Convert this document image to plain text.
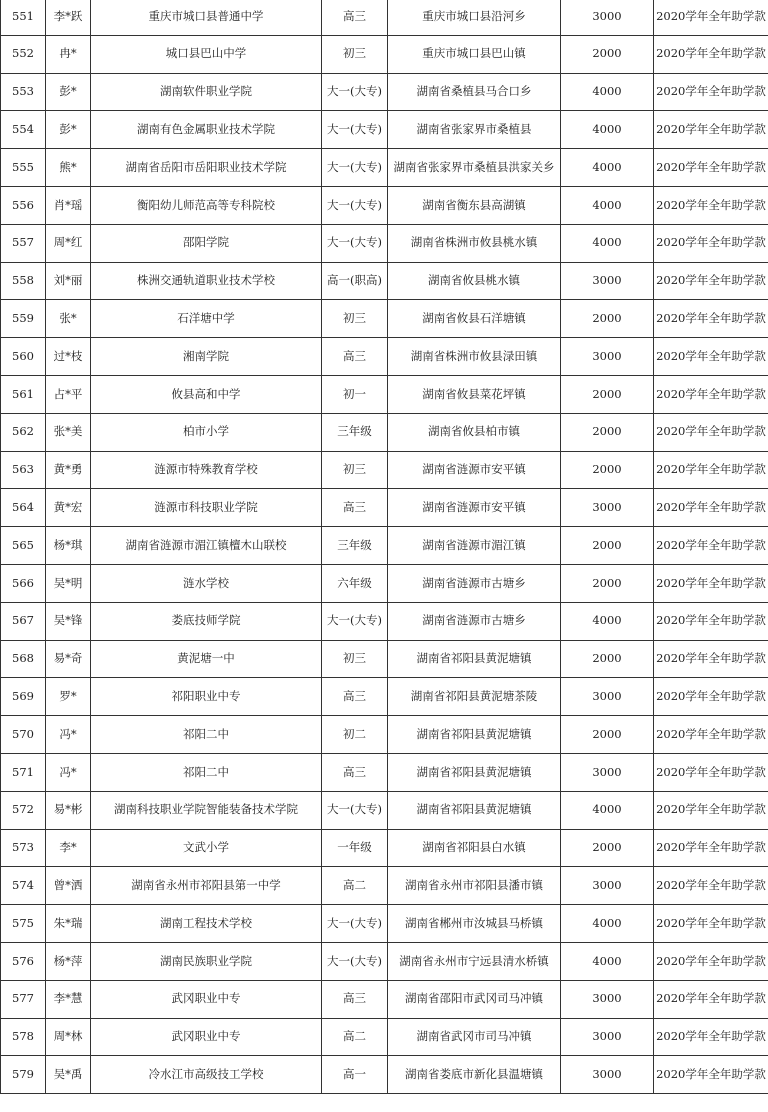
551	李*跃	重庆市城口县普通中学	高三	重庆市城口县沿河乡	3000	2020学年全年助学款
552	冉*	城口县巴山中学	初三	重庆市城口县巴山镇	2000	2020学年全年助学款
553	彭*	湖南软件职业学院	大一(大专)	湖南省桑植县马合口乡	4000	2020学年全年助学款
554	彭*	湖南有色金属职业技术学院	大一(大专)	湖南省张家界市桑植县	4000	2020学年全年助学款
555	熊*	湖南省岳阳市岳阳职业技术学院	大一(大专)	湖南省张家界市桑植县洪家关乡	4000	2020学年全年助学款
556	肖*瑶	衡阳幼儿师范高等专科院校	大一(大专)	湖南省衡东县高湖镇	4000	2020学年全年助学款
557	周*红	邵阳学院	大一(大专)	湖南省株洲市攸县桃水镇	4000	2020学年全年助学款
558	刘*丽	株洲交通轨道职业技术学校	高一(职高)	湖南省攸县桃水镇	3000	2020学年全年助学款
559	张*	石洋塘中学	初三	湖南省攸县石洋塘镇	2000	2020学年全年助学款
560	过*枝	湘南学院	高三	湖南省株洲市攸县渌田镇	3000	2020学年全年助学款
561	占*平	攸县高和中学	初一	湖南省攸县菜花坪镇	2000	2020学年全年助学款
562	张*美	柏市小学	三年级	湖南省攸县柏市镇	2000	2020学年全年助学款
563	黄*勇	涟源市特殊教育学校	初三	湖南省涟源市安平镇	2000	2020学年全年助学款
564	黄*宏	涟源市科技职业学院	高三	湖南省涟源市安平镇	3000	2020学年全年助学款
565	杨*琪	湖南省涟源市湄江镇檀木山联校	三年级	湖南省涟源市湄江镇	2000	2020学年全年助学款
566	吴*明	涟水学校	六年级	湖南省涟源市古塘乡	2000	2020学年全年助学款
567	吴*锋	娄底技师学院	大一(大专)	湖南省涟源市古塘乡	4000	2020学年全年助学款
568	易*奇	黄泥塘一中	初三	湖南省祁阳县黄泥塘镇	2000	2020学年全年助学款
569	罗*	祁阳职业中专	高三	湖南省祁阳县黄泥塘茶陵	3000	2020学年全年助学款
570	冯*	祁阳二中	初二	湖南省祁阳县黄泥塘镇	2000	2020学年全年助学款
571	冯*	祁阳二中	高三	湖南省祁阳县黄泥塘镇	3000	2020学年全年助学款
572	易*彬	湖南科技职业学院智能装备技术学院	大一(大专)	湖南省祁阳县黄泥塘镇	4000	2020学年全年助学款
573	李*	文武小学	一年级	湖南省祁阳县白水镇	2000	2020学年全年助学款
574	曾*洒	湖南省永州市祁阳县第一中学	高二	湖南省永州市祁阳县潘市镇	3000	2020学年全年助学款
575	朱*瑞	湖南工程技术学校	大一(大专)	湖南省郴州市汝城县马桥镇	4000	2020学年全年助学款
576	杨*萍	湖南民族职业学院	大一(大专)	湖南省永州市宁远县清水桥镇	4000	2020学年全年助学款
577	李*慧	武冈职业中专	高三	湖南省邵阳市武冈司马冲镇	3000	2020学年全年助学款
578	周*林	武冈职业中专	高二	湖南省武冈市司马冲镇	3000	2020学年全年助学款
579	吴*禹	冷水江市高级技工学校	高一	湖南省娄底市新化县温塘镇	3000	2020学年全年助学款
